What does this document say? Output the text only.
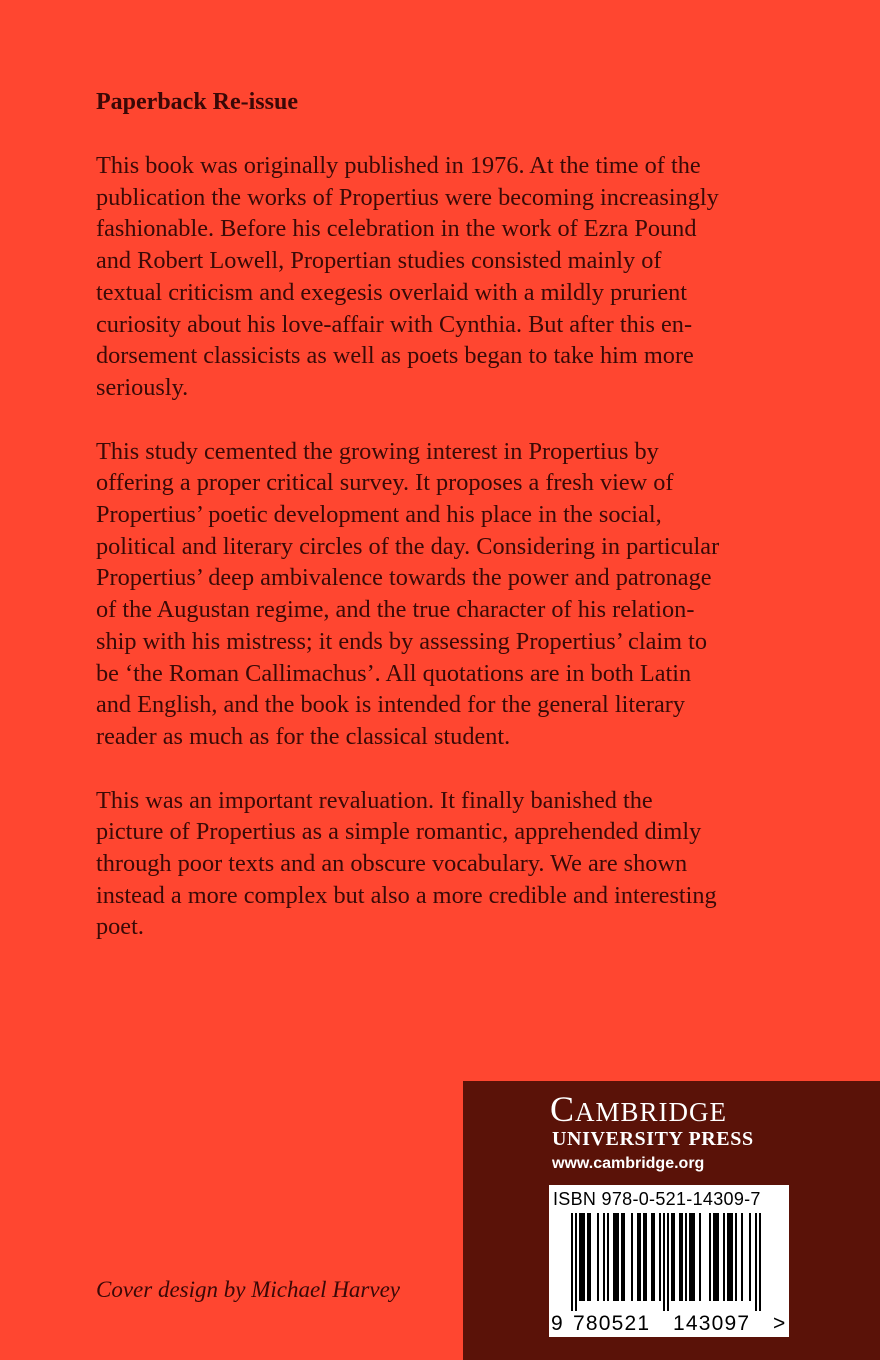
Paperback Re-issue
This book was originally published in 1976. At the time of the
publication the works of Propertius were becoming increasingly
fashionable. Before his celebration in the work of Ezra Pound
and Robert Lowell, Propertian studies consisted mainly of
textual criticism and exegesis overlaid with a mildly prurient
curiosity about his love-affair with Cynthia. But after this en-
dorsement classicists as well as poets began to take him more
seriously.
This study cemented the growing interest in Propertius by
offering a proper critical survey. It proposes a fresh view of
Propertius’ poetic development and his place in the social,
political and literary circles of the day. Considering in particular
Propertius’ deep ambivalence towards the power and patronage
of the Augustan regime, and the true character of his relation-
ship with his mistress; it ends by assessing Propertius’ claim to
be ‘the Roman Callimachus’. All quotations are in both Latin
and English, and the book is intended for the general literary
reader as much as for the classical student.
This was an important revaluation. It finally banished the
picture of Propertius as a simple romantic, apprehended dimly
through poor texts and an obscure vocabulary. We are shown
instead a more complex but also a more credible and interesting
poet.
Cover design by Michael Harvey
CAMBRIDGE
UNIVERSITY PRESS
www.cambridge.org
ISBN 978-0-521-14309-7
9 780521 143097 >
